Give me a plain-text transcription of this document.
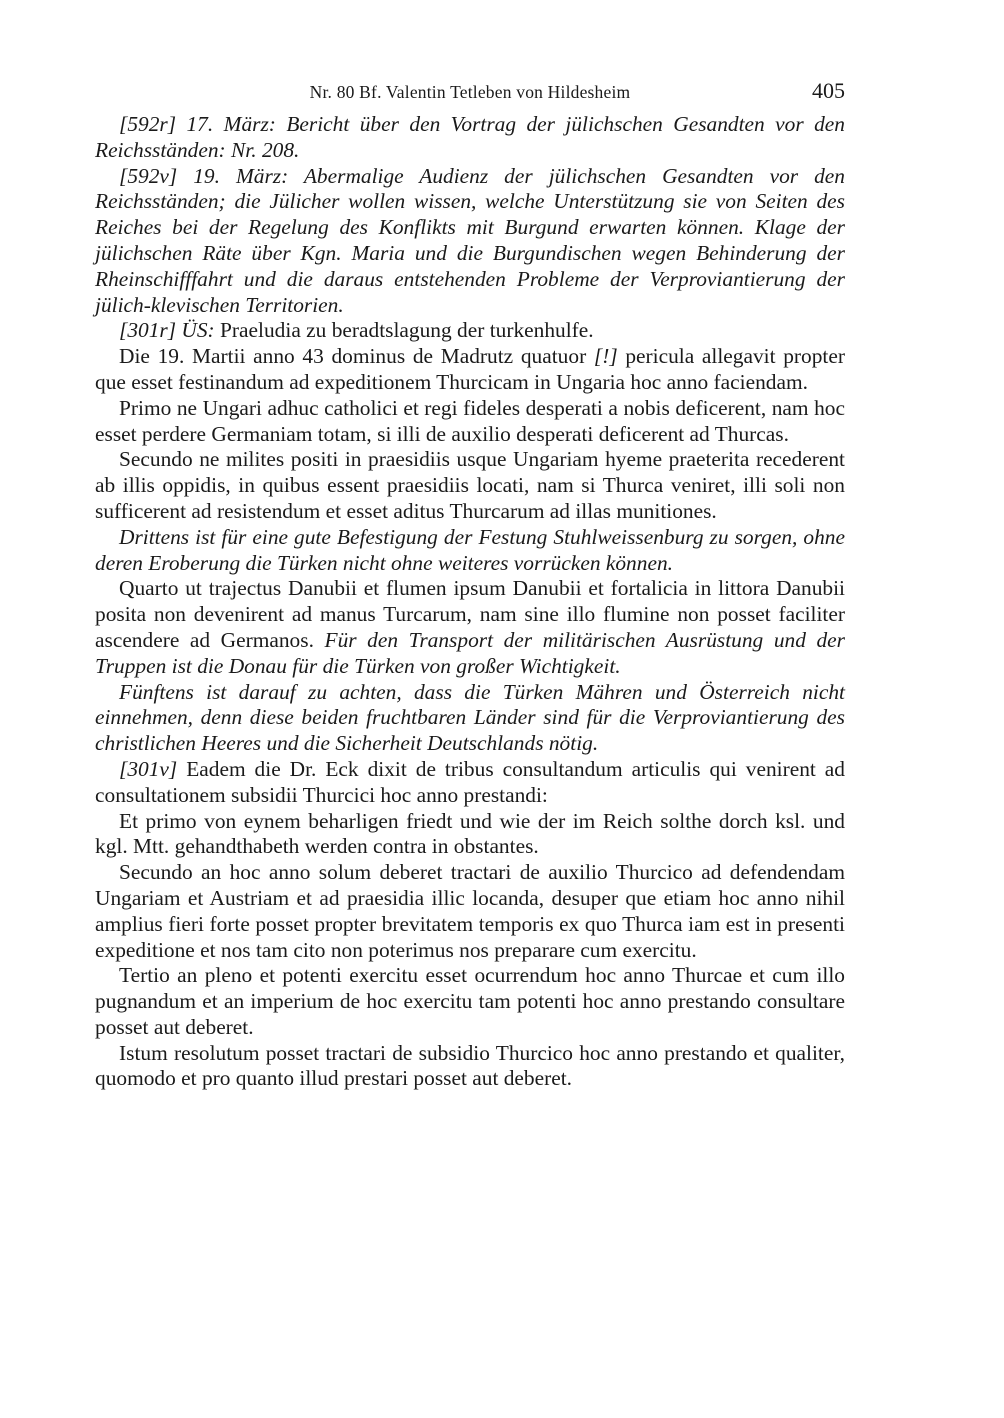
Nr. 80 Bf. Valentin Tetleben von Hildesheim	405

[592r] 17. März: Bericht über den Vortrag der jülichschen Gesandten vor den Reichsständen: Nr. 208.

[592v] 19. März: Abermalige Audienz der jülichschen Gesandten vor den Reichsständen; die Jülicher wollen wissen, welche Unterstützung sie von Seiten des Reiches bei der Regelung des Konflikts mit Burgund erwarten können. Klage der jülichschen Räte über Kgn. Maria und die Burgundischen wegen Behinderung der Rheinschifffahrt und die daraus entstehenden Probleme der Verproviantierung der jülich-klevischen Territorien.

[301r] ÜS: Praeludia zu beradtslagung der turkenhulfe.

Die 19. Martii anno 43 dominus de Madrutz quatuor [!] pericula allegavit propter que esset festinandum ad expeditionem Thurcicam in Ungaria hoc anno faciendam.

Primo ne Ungari adhuc catholici et regi fideles desperati a nobis deficerent, nam hoc esset perdere Germaniam totam, si illi de auxilio desperati deficerent ad Thurcas.

Secundo ne milites positi in praesidiis usque Ungariam hyeme praeterita recederent ab illis oppidis, in quibus essent praesidiis locati, nam si Thurca veniret, illi soli non sufficerent ad resistendum et esset aditus Thurcarum ad illas munitiones.

Drittens ist für eine gute Befestigung der Festung Stuhlweissenburg zu sorgen, ohne deren Eroberung die Türken nicht ohne weiteres vorrücken können.

Quarto ut trajectus Danubii et flumen ipsum Danubii et fortalicia in littora Danubii posita non devenirent ad manus Turcarum, nam sine illo flumine non posset faciliter ascendere ad Germanos. Für den Transport der militärischen Ausrüstung und der Truppen ist die Donau für die Türken von großer Wichtigkeit.

Fünftens ist darauf zu achten, dass die Türken Mähren und Österreich nicht einnehmen, denn diese beiden fruchtbaren Länder sind für die Verproviantierung des christlichen Heeres und die Sicherheit Deutschlands nötig.

[301v] Eadem die Dr. Eck dixit de tribus consultandum articulis qui venirent ad consultationem subsidii Thurcici hoc anno prestandi:

Et primo von eynem beharligen friedt und wie der im Reich solthe dorch ksl. und kgl. Mtt. gehandthabeth werden contra in obstantes.

Secundo an hoc anno solum deberet tractari de auxilio Thurcico ad defendendam Ungariam et Austriam et ad praesidia illic locanda, desuper que etiam hoc anno nihil amplius fieri forte posset propter brevitatem temporis ex quo Thurca iam est in presenti expeditione et nos tam cito non poterimus nos preparare cum exercitu.

Tertio an pleno et potenti exercitu esset ocurrendum hoc anno Thurcae et cum illo pugnandum et an imperium de hoc exercitu tam potenti hoc anno prestando consultare posset aut deberet.

Istum resolutum posset tractari de subsidio Thurcico hoc anno prestando et qualiter, quomodo et pro quanto illud prestari posset aut deberet.
